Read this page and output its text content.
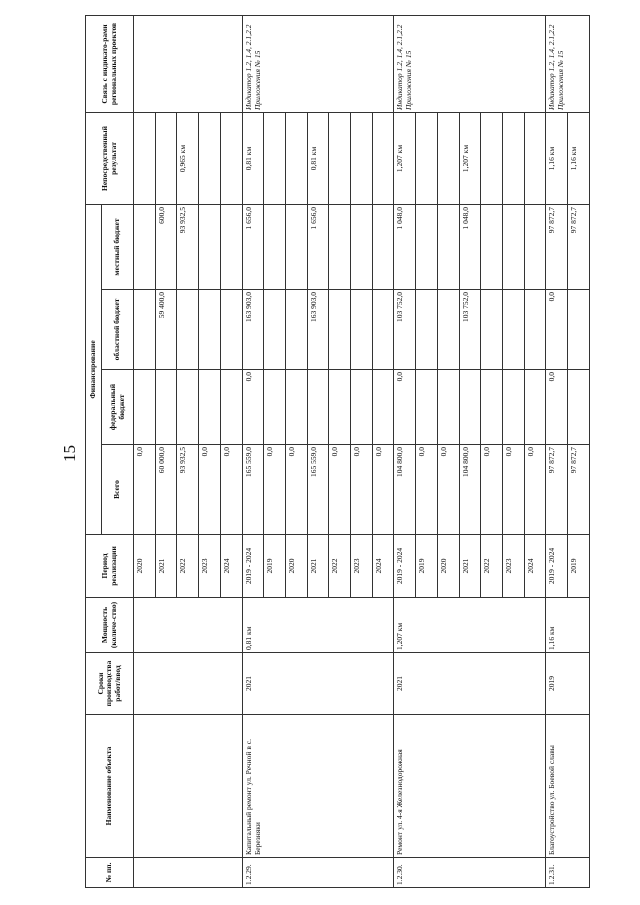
15
№ пп.	Наименование объекта	Сроки производства работ/ввод	Мощность (количе-ство)	Период реализации	Финансирование				Непосредственный результат	Связь с индикато-рами региональных проектов
					Всего	федеральный бюджет	областной бюджет	местный бюджет		
				2020	0,0					
				2021	60 000,0		59 400,0	600,0		
				2022	93 932,5			93 932,5	0,965 км	
				2023	0,0					
				2024	0,0					
1.2.29.	Капитальный ремонт ул. Речной в с. Березняки	2021	0,81 км	2019 - 2024	165 559,0	0,0	163 903,0	1 656,0	0,81 км	Индикатор 1.2, 1.4, 2.1,2.2 Приложения № 15
				2019	0,0					
				2020	0,0					
				2021	165 559,0		163 903,0	1 656,0	0,81 км	
				2022	0,0					
				2023	0,0					
				2024	0,0					
1.2.30.	Ремонт ул. 4-я Железнодорожная	2021	1,207 км	2019 - 2024	104 800,0	0,0	103 752,0	1 048,0	1,207 км	Индикатор 1.2, 1.4, 2.1,2.2 Приложения № 15
				2019	0,0					
				2020	0,0					
				2021	104 800,0		103 752,0	1 048,0	1,207 км	
				2022	0,0					
				2023	0,0					
				2024	0,0					
1.2.31.	Благоустройство ул. Боевой славы	2019	1,16 км	2019 - 2024	97 872,7	0,0	0,0	97 872,7	1,16 км	Индикатор 1.2, 1.4, 2.1,2.2 Приложения № 15
				2019	97 872,7			97 872,7	1,16 км	
